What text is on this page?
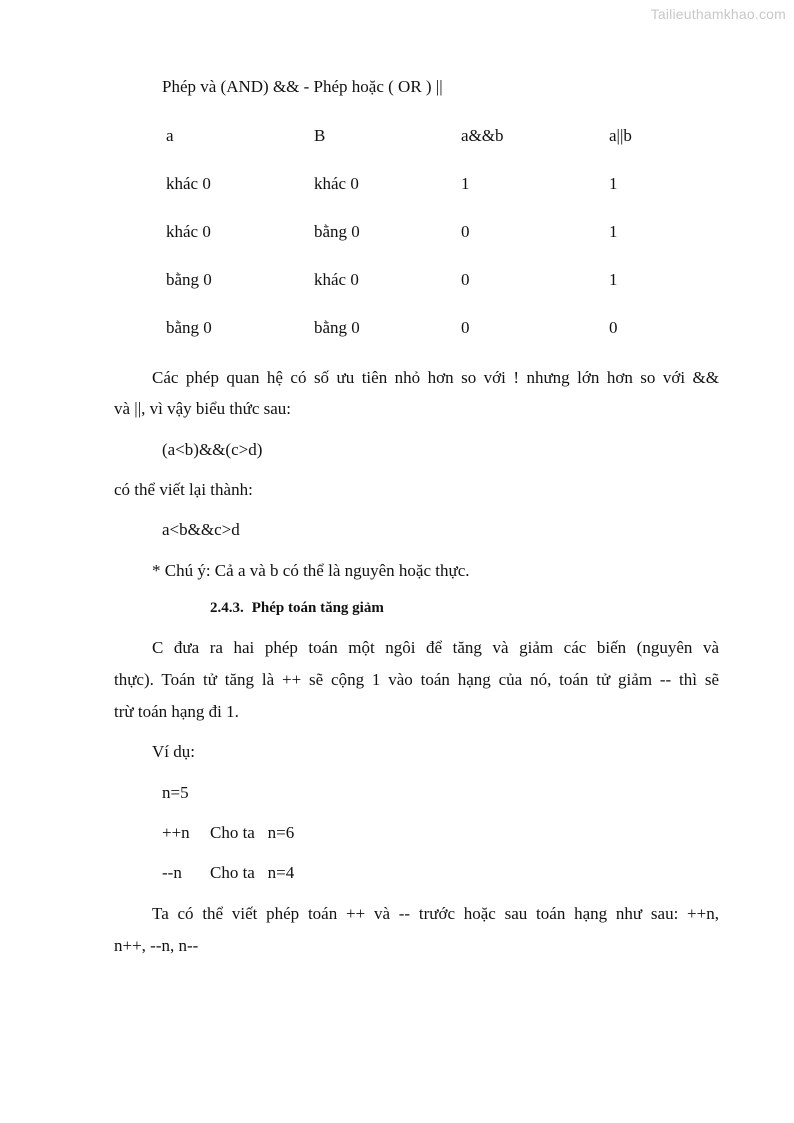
Tailieuthamkhao.com
Phép và (AND) && - Phép hoặc ( OR ) ||
a	B	a&&b	a||b
khác 0	khác 0	1	1
khác 0	bằng 0	0	1
bằng 0	khác 0	0	1
bằng 0	bằng 0	0	0
Các phép quan hệ có số ưu tiên nhỏ hơn so với ! nhưng lớn hơn so với &&
và ||, vì vậy biểu thức sau:
(a<b)&&(c>d)
có thể viết lại thành:
a<b&&c>d
* Chú ý: Cả a và b có thể là nguyên hoặc thực.
2.4.3. Phép toán tăng giảm
C đưa ra hai phép toán một ngôi để tăng và giảm các biến (nguyên và
thực). Toán tử tăng là ++ sẽ cộng 1 vào toán hạng của nó, toán tử giảm -- thì sẽ
trừ toán hạng đi 1.
Ví dụ:
n=5
++n Cho ta   n=6
--n Cho ta   n=4
Ta có thể viết phép toán ++ và -- trước hoặc sau toán hạng như sau: ++n,
n++, --n, n--
